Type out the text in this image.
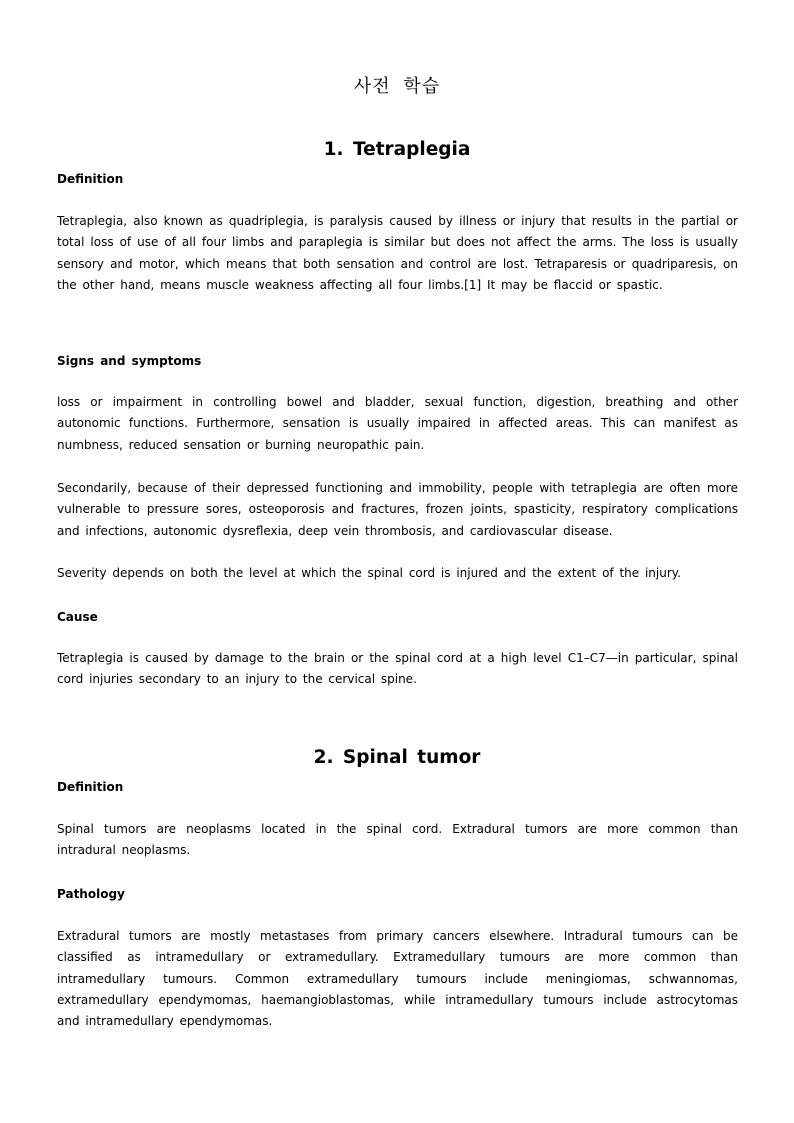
사전 학습
1. Tetraplegia
Definition
Tetraplegia, also known as quadriplegia, is paralysis caused by illness or injury that results in the partial or total loss of use of all four limbs and paraplegia is similar but does not affect the arms. The loss is usually sensory and motor, which means that both sensation and control are lost. Tetraparesis or quadriparesis, on the other hand, means muscle weakness affecting all four limbs.[1] It may be flaccid or spastic.
Signs and symptoms
loss or impairment in controlling bowel and bladder, sexual function, digestion, breathing and other autonomic functions. Furthermore, sensation is usually impaired in affected areas. This can manifest as numbness, reduced sensation or burning neuropathic pain.
Secondarily, because of their depressed functioning and immobility, people with tetraplegia are often more vulnerable to pressure sores, osteoporosis and fractures, frozen joints, spasticity, respiratory complications and infections, autonomic dysreflexia, deep vein thrombosis, and cardiovascular disease.
Severity depends on both the level at which the spinal cord is injured and the extent of the injury.
Cause
Tetraplegia is caused by damage to the brain or the spinal cord at a high level C1–C7—in particular, spinal cord injuries secondary to an injury to the cervical spine.
2. Spinal tumor
Definition
Spinal tumors are neoplasms located in the spinal cord. Extradural tumors are more common than intradural neoplasms.
Pathology
Extradural tumors are mostly metastases from primary cancers elsewhere. Intradural tumours can be classified as intramedullary or extramedullary. Extramedullary tumours are more common than intramedullary tumours. Common extramedullary tumours include meningiomas, schwannomas, extramedullary ependymomas, haemangioblastomas, while intramedullary tumours include astrocytomas and intramedullary ependymomas.
